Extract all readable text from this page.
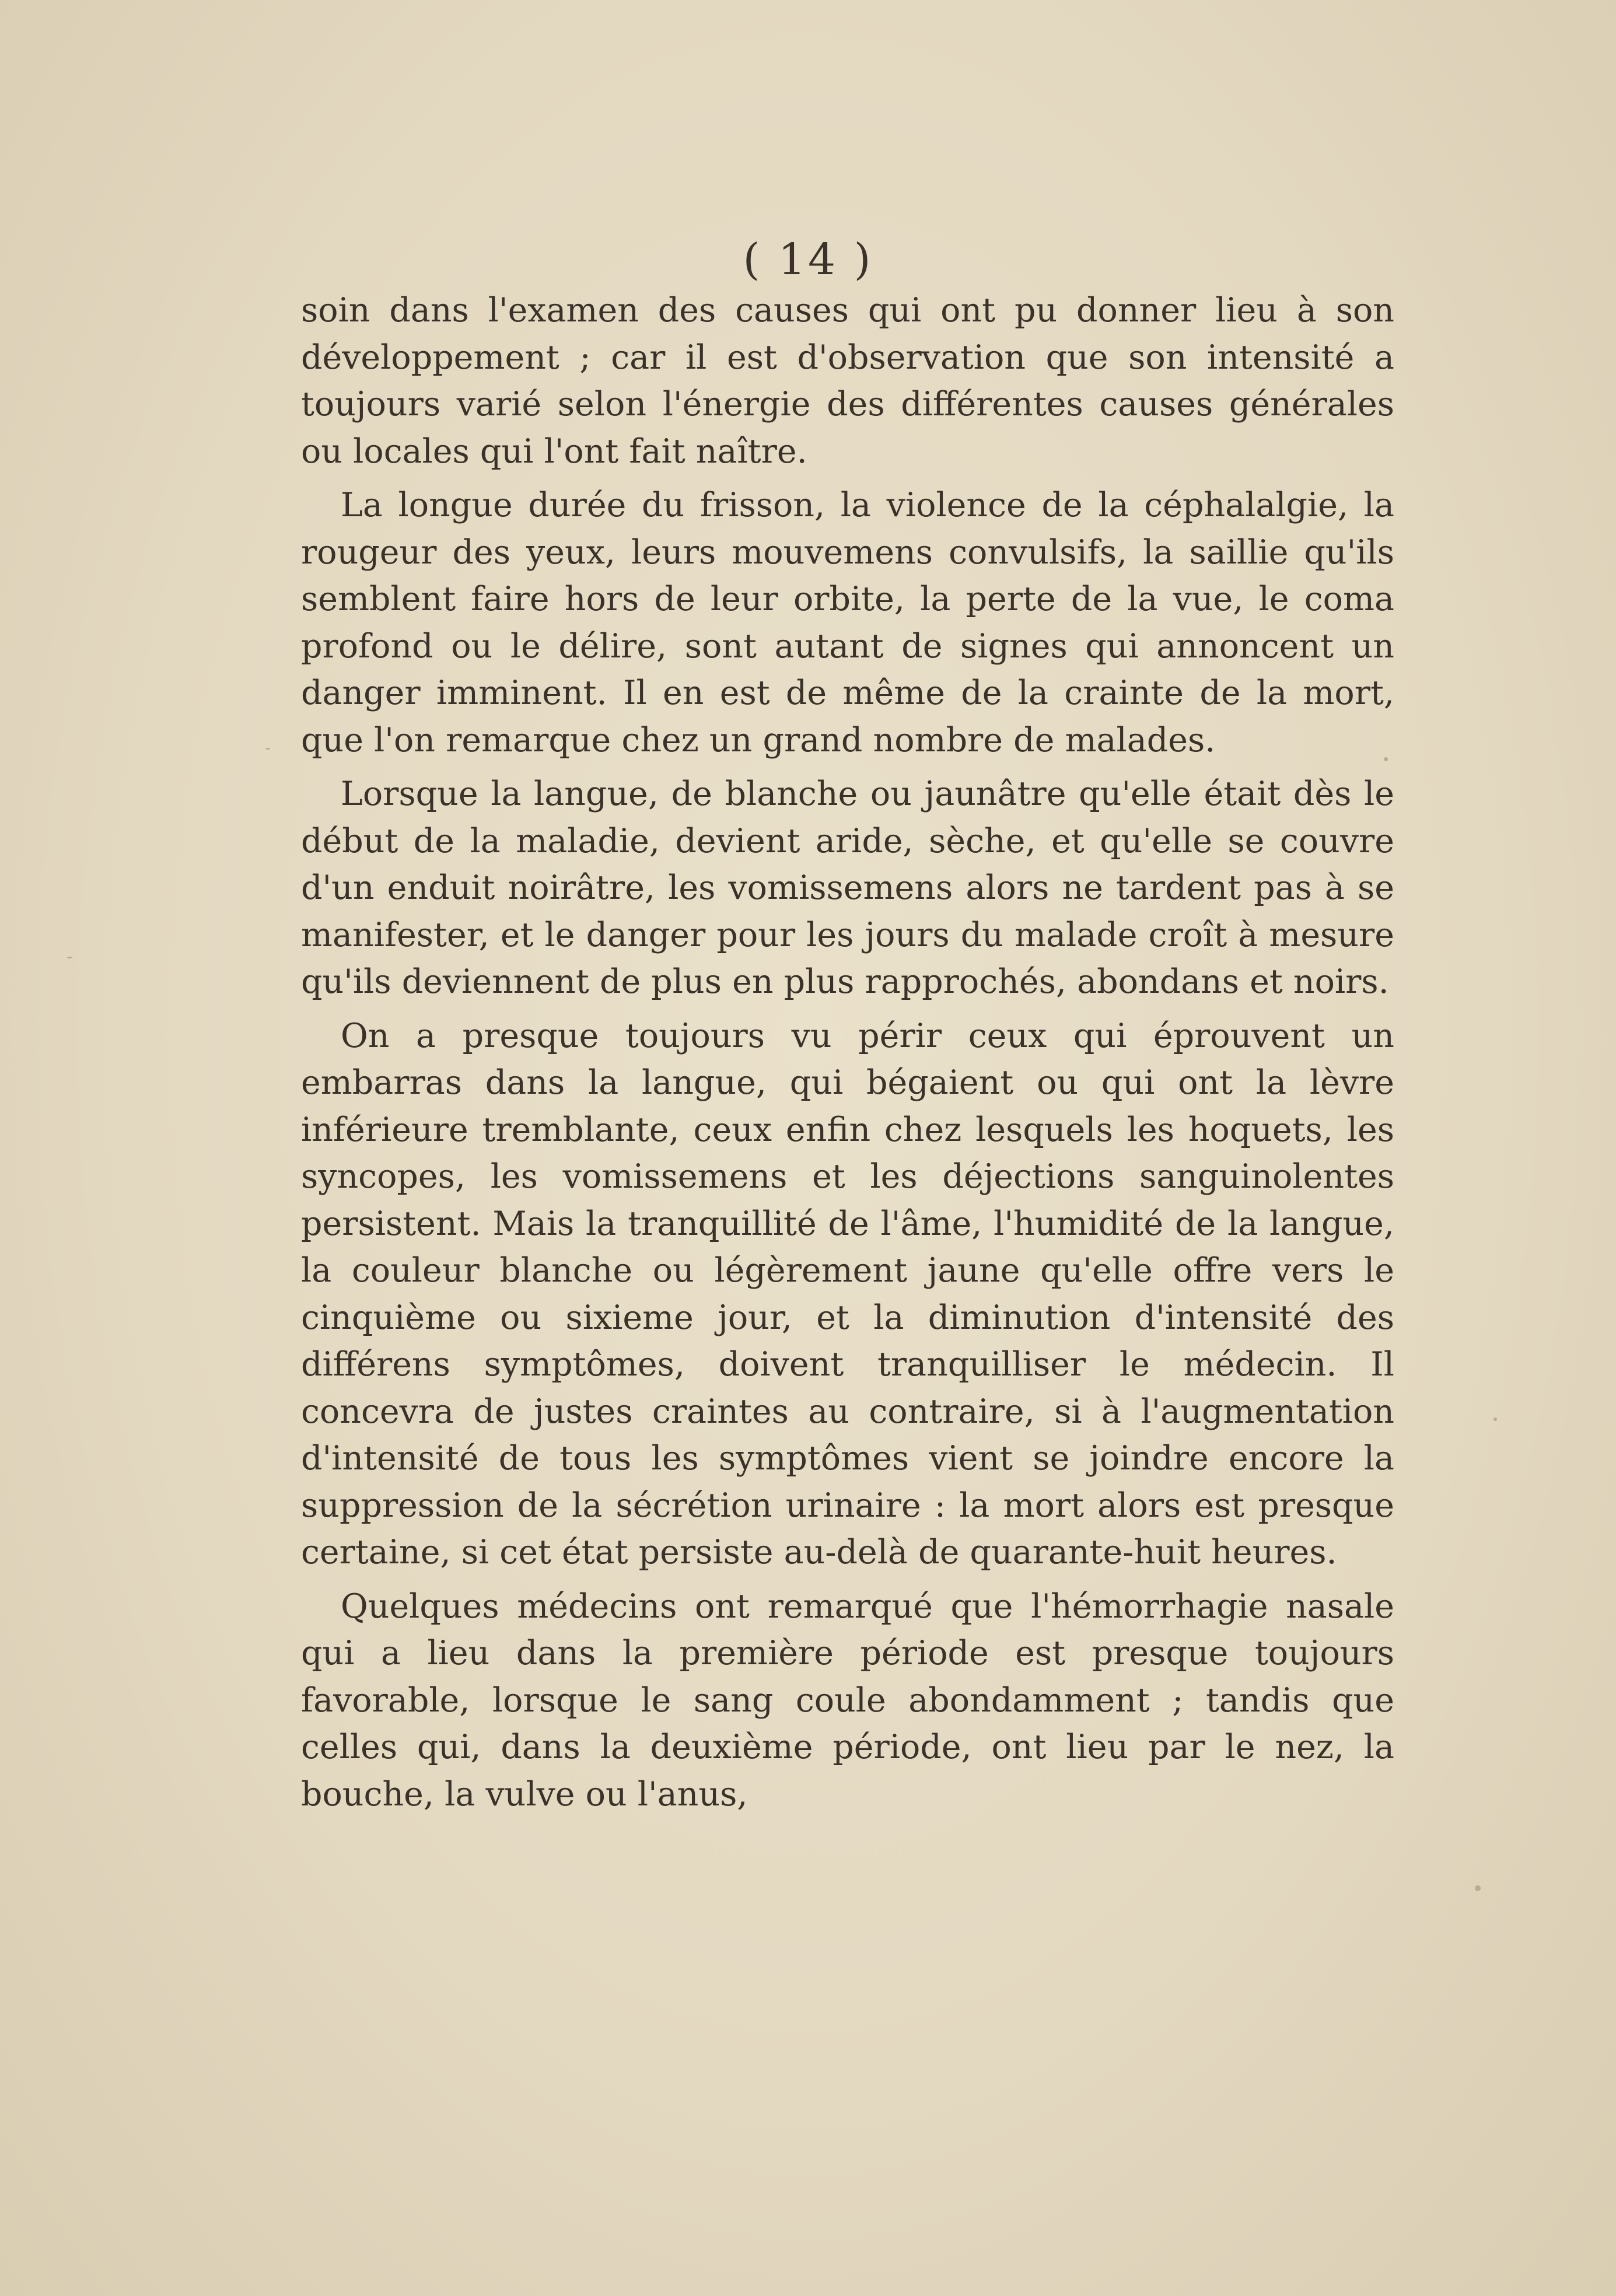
( 14 )

soin dans l'examen des causes qui ont pu donner lieu à son développement ; car il est d'observation que son intensité a toujours varié selon l'énergie des différentes causes générales ou locales qui l'ont fait naître.

La longue durée du frisson, la violence de la céphalalgie, la rougeur des yeux, leurs mouvemens convulsifs, la saillie qu'ils semblent faire hors de leur orbite, la perte de la vue, le coma profond ou le délire, sont autant de signes qui annoncent un danger imminent. Il en est de même de la crainte de la mort, que l'on remarque chez un grand nombre de malades.

Lorsque la langue, de blanche ou jaunâtre qu'elle était dès le début de la maladie, devient aride, sèche, et qu'elle se couvre d'un enduit noirâtre, les vomissemens alors ne tardent pas à se manifester, et le danger pour les jours du malade croît à mesure qu'ils deviennent de plus en plus rapprochés, abondans et noirs.

On a presque toujours vu périr ceux qui éprouvent un embarras dans la langue, qui bégaient ou qui ont la lèvre inférieure tremblante, ceux enfin chez lesquels les hoquets, les syncopes, les vomissemens et les déjections sanguinolentes persistent. Mais la tranquillité de l'âme, l'humidité de la langue, la couleur blanche ou légèrement jaune qu'elle offre vers le cinquième ou sixieme jour, et la diminution d'intensité des différens symptômes, doivent tranquilliser le médecin. Il concevra de justes craintes au contraire, si à l'augmentation d'intensité de tous les symptômes vient se joindre encore la suppression de la sécrétion urinaire : la mort alors est presque certaine, si cet état persiste au-delà de quarante-huit heures.

Quelques médecins ont remarqué que l'hémorrhagie nasale qui a lieu dans la première période est presque toujours favorable, lorsque le sang coule abondamment ; tandis que celles qui, dans la deuxième période, ont lieu par le nez, la bouche, la vulve ou l'anus,
